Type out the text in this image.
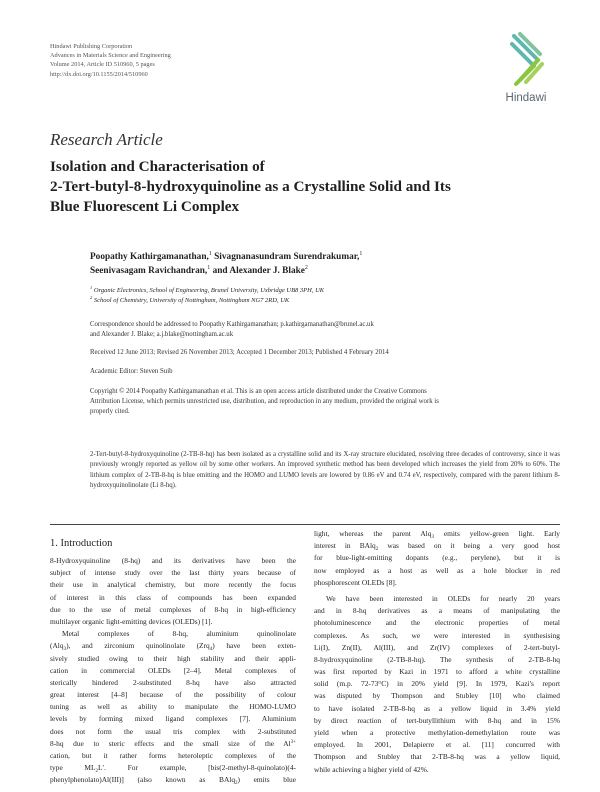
Hindawi Publishing Corporation
Advances in Materials Science and Engineering
Volume 2014, Article ID 510960, 5 pages
http://dx.doi.org/10.1155/2014/510960
Hindawi
Research Article
Isolation and Characterisation of
2-Tert-butyl-8-hydroxyquinoline as a Crystalline Solid and Its
Blue Fluorescent Li Complex
Poopathy Kathirgamanathan,$^1$ Sivagnanasundram Surendrakumar,$^1$
Seenivasagam Ravichandran,$^1$ and Alexander J. Blake$^2$
$^1$ Organic Electronics, School of Engineering, Brunel University, Uxbridge UB8 3PH, UK
$^2$ School of Chemistry, University of Nottingham, Nottingham NG7 2RD, UK
Correspondence should be addressed to Poopathy Kathirgamanathan; p.kathirgamanathan@brunel.ac.uk
and Alexander J. Blake; a.j.blake@nottingham.ac.uk
Received 12 June 2013; Revised 26 November 2013; Accepted 1 December 2013; Published 4 February 2014
Academic Editor: Steven Suib
Copyright © 2014 Poopathy Kathirgamanathan et al. This is an open access article distributed under the Creative Commons
Attribution License, which permits unrestricted use, distribution, and reproduction in any medium, provided the original work is
properly cited.
2-Tert-butyl-8-hydroxyquinoline (2-TB-8-hq) has been isolated as a crystalline solid and its X-ray structure elucidated, resolving three decades of controversy, since it was previously wrongly reported as yellow oil by some other workers. An improved synthetic method has been developed which increases the yield from 20% to 60%. The lithium complex of 2-TB-8-hq is blue emitting and the HOMO and LUMO levels are lowered by 0.86 eV and 0.74 eV, respectively, compared with the parent lithium 8-hydroxyquinolinolate (Li 8-hq).
1. Introduction
8-Hydroxyquinoline (8-hq) and its derivatives have been the
subject of intense study over the last thirty years because of
their use in analytical chemistry, but more recently the focus
of interest in this class of compounds has been expanded
due to the use of metal complexes of 8-hq in high-efficiency
multilayer organic light-emitting devices (OLEDs) [1].
Metal complexes of 8-hq, aluminium quinolinolate
(Alq$_3$), and zirconium quinolinolate (Zrq$_4$) have been exten-
sively studied owing to their high stability and their appli-
cation in commercial OLEDs [2–4]. Metal complexes of
sterically hindered 2-substituted 8-hq have also attracted
great interest [4–8] because of the possibility of colour
tuning as well as ability to manipulate the HOMO-LUMO
levels by forming mixed ligand complexes [7]. Aluminium
does not form the usual tris complex with 2-substituted
8-hq due to steric effects and the small size of the $Al^{3+}$
cation, but it rather forms heteroleptic complexes of the
type $ML_2L'$. For example, [bis(2-methyl-8-quinolato)(4-
phenylphenolato)Al(III)] (also known as BAlq$_2$) emits blue
light, whereas the parent Alq$_3$ emits yellow-green light. Early
interest in BAlq$_2$ was based on it being a very good host
for blue-light-emitting dopants (e.g., perylene), but it is
now employed as a host as well as a hole blocker in red
phosphorescent OLEDs [8].
We have been interested in OLEDs for nearly 20 years
and in 8-hq derivatives as a means of manipulating the
photoluminescence and the electronic properties of metal
complexes. As such, we were interested in synthesising
Li(I), Zn(II), Al(III), and Zr(IV) complexes of 2-tert-butyl-
8-hydroxyquinoline (2-TB-8-hq). The synthesis of 2-TB-8-hq
was first reported by Kazi in 1971 to afford a white crystalline
solid (m.p. 72-73°C) in 20% yield [9]. In 1979, Kazi's report
was disputed by Thompson and Stubley [10] who claimed
to have isolated 2-TB-8-hq as a yellow liquid in 3.4% yield
by direct reaction of tert-butyllithium with 8-hq and in 15%
yield when a protective methylation-demethylation route was
employed. In 2001, Delapierre et al. [11] concurred with
Thompson and Stubley that 2-TB-8-hq was a yellow liquid,
while achieving a higher yield of 42%.
